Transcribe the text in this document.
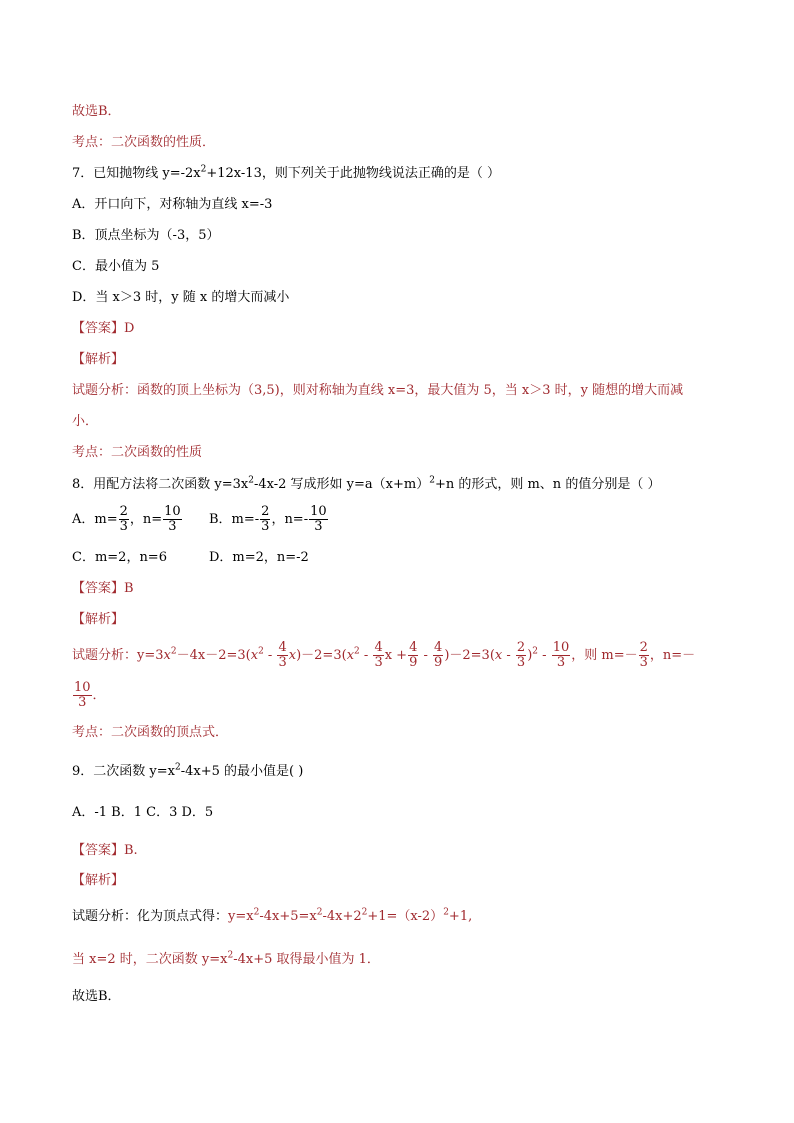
故选B．
考点：二次函数的性质．
7．已知抛物线 $y=-2x^2+12x-13$，则下列关于此抛物线说法正确的是（ ）
A．开口向下，对称轴为直线 x=-3
B．顶点坐标为（-3，5）
C．最小值为 5
D．当 x＞3 时，y 随 x 的增大而减小
【答案】D
【解析】
试题分析：函数的顶上坐标为（3,5)，则对称轴为直线 x=3，最大值为 5，当 x＞3 时，y 随想的增大而减
小．
考点：二次函数的性质
8．用配方法将二次函数 $y=3x^2-4x-2$ 写成形如 $y=a(x+m)^2+n$ 的形式，则 m、n 的值分别是（ ）
A．$m= \frac{2}{3}$ ，$n= \frac{10}{3}$ B．$m=- \frac{2}{3}$ ，$n=- \frac{10}{3}$
C．m=2，n=6	D．m=2，n=-2
【答案】B
【解析】
试题分析：$y=3x^2-4x-2=3(x^2 - \frac{4}{3} x)-2=3(x^2 - \frac{4}{3}$ $x + \frac{4}{9} - \frac{4}{9} )-2=3(x - \frac{2}{3} )^2 - \frac{10}{3}$ ，则 $m=- \frac{2}{3}$ ，n=－
$\frac{10}{3}$ ．
考点：二次函数的顶点式．
9．二次函数 $y=x^2-4x+5$ 的最小值是( )
A．-1 B．1 C．3 D．5
【答案】B.
【解析】
试题分析：化为顶点式得：$y=x^2-4x+5=x^2-4x+2^2+1=(x-2)^2+1$,
当 x=2 时，二次函数 $y=x^2-4x+5$ 取得最小值为 1．
故选B．
